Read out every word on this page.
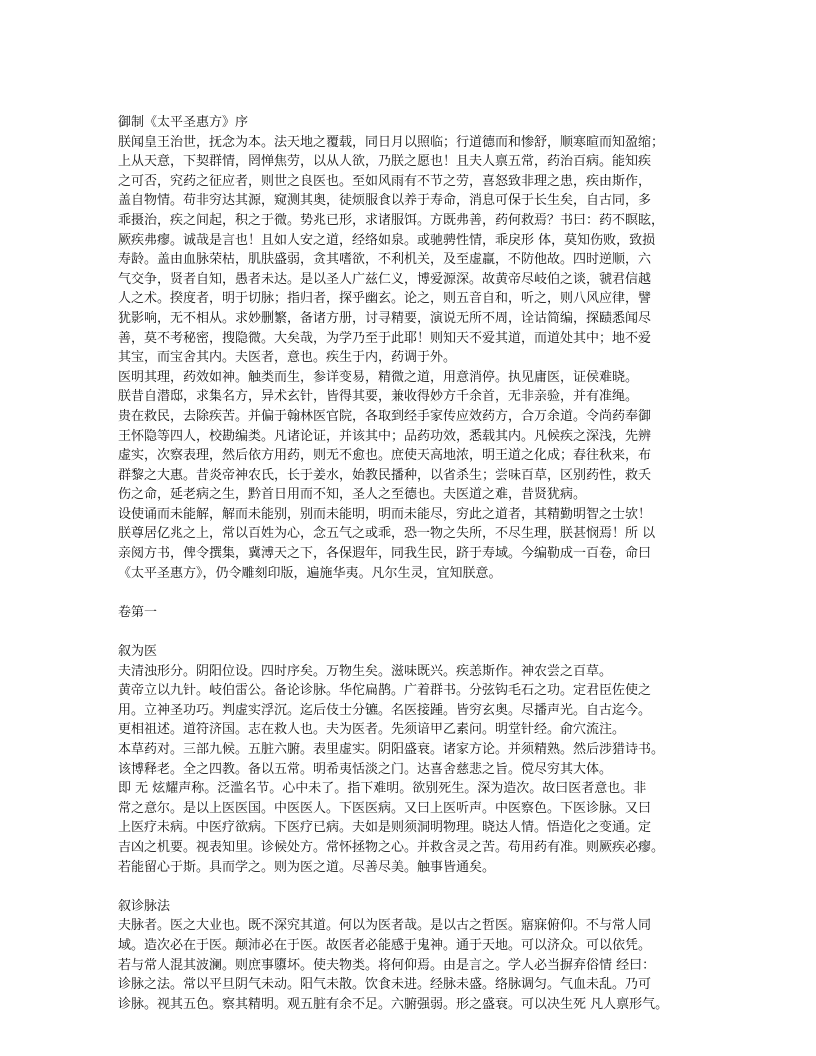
御制《太平圣惠方》序
朕闻皇王治世，抚念为本。法天地之覆载，同日月以照临；行道德而和惨舒，顺寒暄而知盈缩；
上从天意，下契群情，罔惮焦劳，以从人欲，乃朕之愿也！且夫人禀五常，药治百病。能知疾
之可否，究药之征应者，则世之良医也。至如风雨有不节之劳，喜怒致非理之患，疾由斯作，
盖自物情。苟非穷达其源，窥测其奥，徒烦服食以养于寿命，消息可保于长生矣，自古同，多
乖摄治，疾之间起，积之于微。势兆已形，求诸服饵。方既弗善，药何救焉？书曰：药不瞑眩，
厥疾弗瘳。诚哉是言也！且如人安之道，经络如泉。或驰骋性情，乖戾形 体，莫知伤败，致损
寿龄。盖由血脉荣枯，肌肤盛弱，贪其嗜欲，不利机关，及至虚羸，不防他故。四时逆顺，六
气交争，贤者自知，愚者未达。是以圣人广兹仁义，博爱源深。故黄帝尽岐伯之谈，虢君信越
人之术。揆度者，明于切脉；指归者，探乎幽玄。论之，则五音自和，听之，则八风应律，譬
犹影响，无不相从。求妙删繁，备诸方册，讨寻精要，演说无所不周，诠诂简编，探赜悉闻尽
善，莫不考秘密，搜隐微。大矣哉，为学乃至于此耶！则知天不爱其道，而道处其中；地不爱
其宝，而宝舍其内。夫医者，意也。疾生于内，药调于外。
医明其理，药效如神。触类而生，参详变易，精微之道，用意消停。执见庸医，证侯难晓。
朕昔自潜邸，求集名方，异术玄针，皆得其要，兼收得妙方千余首，无非亲验，并有准绳。
贵在救民，去除疾苦。并偏于翰林医官院，各取到经手家传应效药方，合万余道。令尚药奉御
王怀隐等四人，校勘编类。凡诸论证，并该其中；品药功效，悉载其内。凡候疾之深浅，先辨
虚实，次察表理，然后依方用药，则无不愈也。庶使天高地浓，明王道之化成；春往秋来，布
群黎之大惠。昔炎帝神农氏，长于姜水，始教民播种，以省杀生；尝味百草，区别药性，救夭
伤之命，延老病之生，黔首日用而不知，圣人之至德也。夫医道之难，昔贤犹病。
设使诵而未能解，解而未能别，别而未能明，明而未能尽，穷此之道者，其精勤明智之士欤！
朕尊居亿兆之上，常以百姓为心，念五气之或乖，恐一物之失所，不尽生理，朕甚悯焉！所 以
亲阅方书，俾令撰集，冀溥天之下，各保遐年，同我生民，跻于寿域。今编勒成一百卷，命曰
《太平圣惠方》，仍令雕刻印版，遍施华夷。凡尔生灵，宜知朕意。
卷第一
叙为医
夫清浊形分。阴阳位设。四时序矣。万物生矣。滋味既兴。疾恙斯作。神农尝之百草。
黄帝立以九针。岐伯雷公。备论诊脉。华佗扁鹊。广着群书。分弦钩毛石之功。定君臣佐使之
用。立神圣功巧。判虚实浮沉。迄后伎士分镳。名医接踵。皆穷玄奥。尽播声光。自古迄今。
更相祖述。道符济国。志在救人也。夫为医者。先须谙甲乙素问。明堂针经。俞穴流注。
本草药对。三部九候。五脏六腑。表里虚实。阴阳盛衰。诸家方论。并须精熟。然后涉猎诗书。
该博释老。全之四教。备以五常。明希夷恬淡之门。达喜舍慈悲之旨。傥尽穷其大体。
即 无 炫耀声称。泛滥名节。心中未了。指下难明。欲别死生。深为造次。故曰医者意也。非
常之意尔。是以上医医国。中医医人。下医医病。又曰上医听声。中医察色。下医诊脉。又曰
上医疗未病。中医疗欲病。下医疗已病。夫如是则须洞明物理。晓达人情。悟造化之变通。定
吉凶之机要。视表知里。诊候处方。常怀拯物之心。并救含灵之苦。苟用药有准。则厥疾必瘳。
若能留心于斯。具而学之。则为医之道。尽善尽美。触事皆通矣。
叙诊脉法
夫脉者。医之大业也。既不深究其道。何以为医者哉。是以古之哲医。寤寐俯仰。不与常人同
域。造次必在于医。颠沛必在于医。故医者必能感于鬼神。通于天地。可以济众。可以依凭。
若与常人混其波澜。则庶事隳坏。使夫物类。将何仰焉。由是言之。学人必当摒弃俗情 经曰：
诊脉之法。常以平旦阴气未动。阳气未散。饮食未进。经脉未盛。络脉调匀。气血未乱。乃可
诊脉。视其五色。察其精明。观五脏有余不足。六腑强弱。形之盛衰。可以决生死 凡人禀形气。
